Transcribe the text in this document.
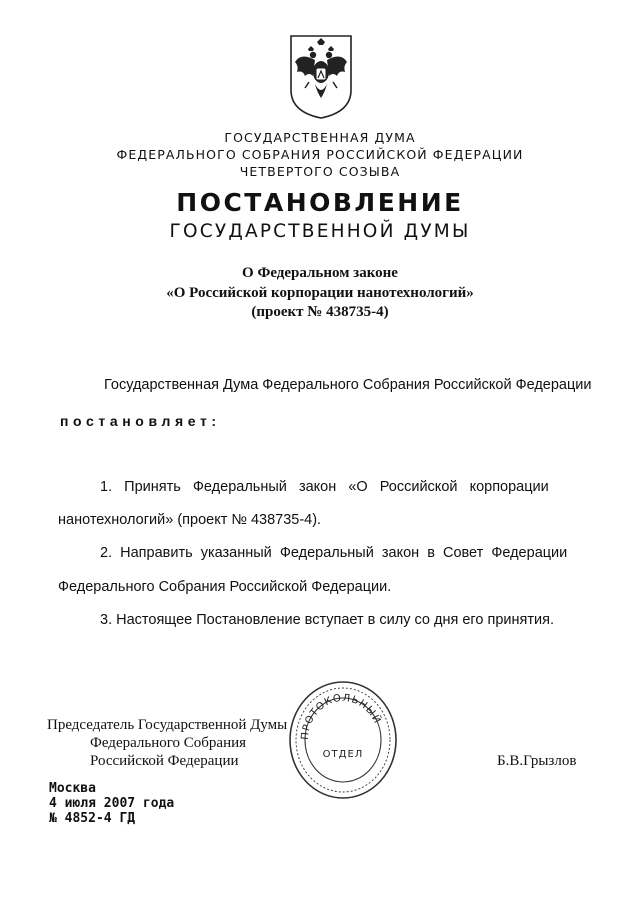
ГОСУДАРСТВЕННАЯ ДУМА
ФЕДЕРАЛЬНОГО СОБРАНИЯ РОССИЙСКОЙ ФЕДЕРАЦИИ
ЧЕТВЕРТОГО СОЗЫВА
ПОСТАНОВЛЕНИЕ
ГОСУДАРСТВЕННОЙ ДУМЫ
О Федеральном законе
«О Российской корпорации нанотехнологий»
(проект № 438735-4)
Государственная Дума Федерального Собрания Российской Федерации
постановляет:
1.   Принять   Федеральный   закон   «О   Российской   корпорации
нанотехнологий» (проект № 438735-4).
2.  Направить  указанный  Федеральный  закон  в  Совет  Федерации
Федерального Собрания Российской Федерации.
3. Настоящее Постановление вступает в силу со дня его принятия.
Председатель Государственной Думы
Федерального Собрания
Российской Федерации	Б.В.Грызлов
ПРОТОКОЛЬНЫЙ
ОТДЕЛ
Москва
4 июля 2007 года
№ 4852-4 ГД
